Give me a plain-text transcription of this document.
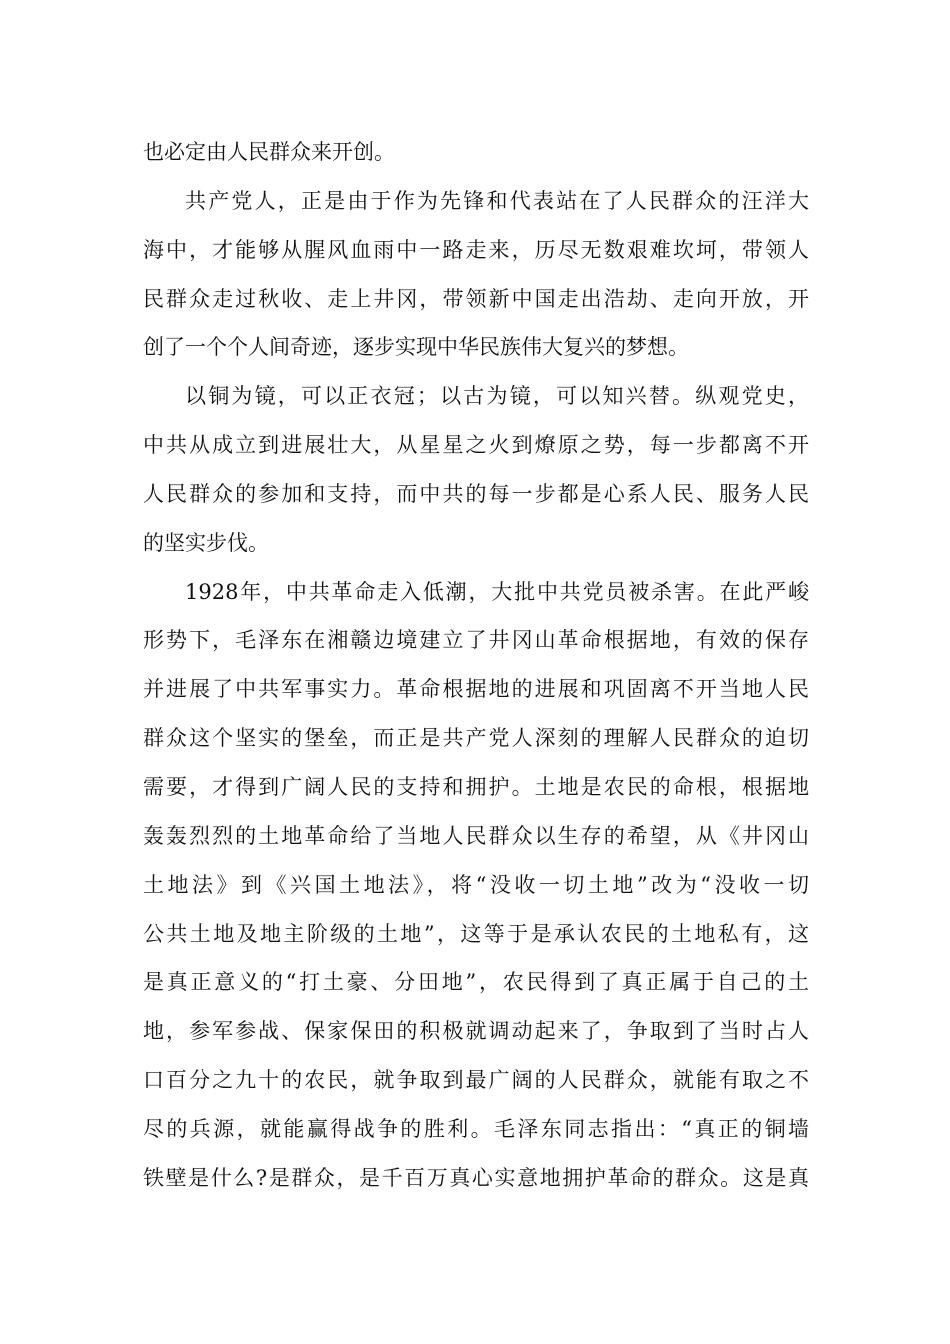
也必定由人民群众来开创。
共产党人，正是由于作为先锋和代表站在了人民群众的汪洋大
海中，才能够从腥风血雨中一路走来，历尽无数艰难坎坷，带领人
民群众走过秋收、走上井冈，带领新中国走出浩劫、走向开放，开
创了一个个人间奇迹，逐步实现中华民族伟大复兴的梦想。
以铜为镜，可以正衣冠；以古为镜，可以知兴替。纵观党史，
中共从成立到进展壮大，从星星之火到燎原之势，每一步都离不开
人民群众的参加和支持，而中共的每一步都是心系人民、服务人民
的坚实步伐。
1928年，中共革命走入低潮，大批中共党员被杀害。在此严峻
形势下，毛泽东在湘赣边境建立了井冈山革命根据地，有效的保存
并进展了中共军事实力。革命根据地的进展和巩固离不开当地人民
群众这个坚实的堡垒，而正是共产党人深刻的理解人民群众的迫切
需要，才得到广阔人民的支持和拥护。土地是农民的命根，根据地
轰轰烈烈的土地革命给了当地人民群众以生存的希望，从《井冈山
土地法》到《兴国土地法》，将“没收一切土地”改为“没收一切
公共土地及地主阶级的土地”，这等于是承认农民的土地私有，这
是真正意义的“打土豪、分田地”，农民得到了真正属于自己的土
地，参军参战、保家保田的积极就调动起来了，争取到了当时占人
口百分之九十的农民，就争取到最广阔的人民群众，就能有取之不
尽的兵源，就能赢得战争的胜利。毛泽东同志指出：“真正的铜墙
铁壁是什么?是群众，是千百万真心实意地拥护革命的群众。这是真
